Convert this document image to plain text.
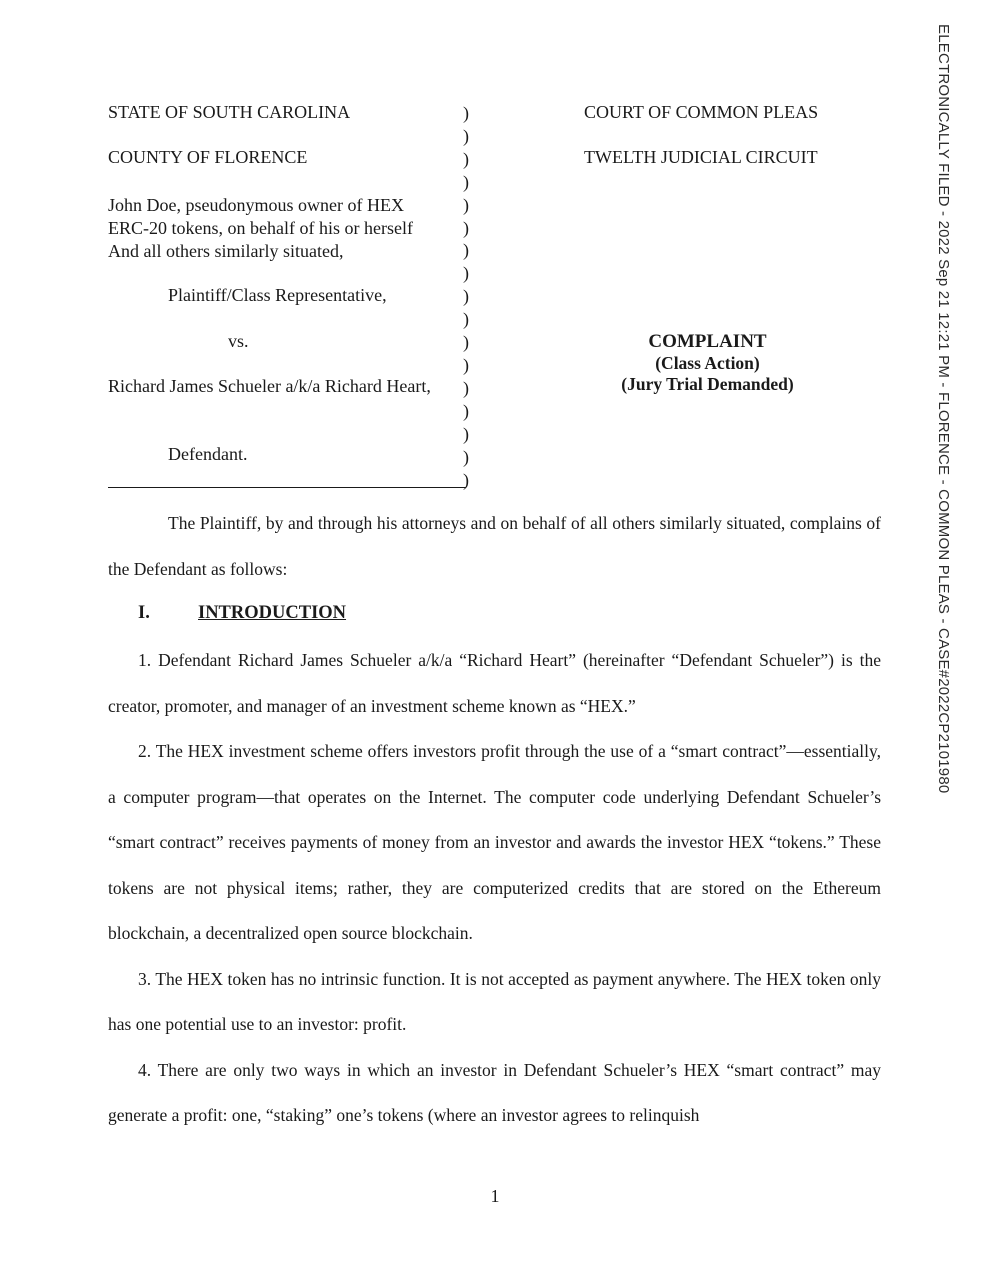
ELECTRONICALLY FILED - 2022 Sep 21 12:21 PM - FLORENCE - COMMON PLEAS - CASE#2022CP2101980
STATE OF SOUTH CAROLINA
COUNTY OF FLORENCE
John Doe, pseudonymous owner of HEX
ERC-20 tokens, on behalf of his or herself
And all others similarly situated,
Plaintiff/Class Representative,
vs.
Richard James Schueler a/k/a Richard Heart,
Defendant.
)
)
)
)
)
)
)
)
)
)
)
)
)
)
)
)
)
COURT OF COMMON PLEAS
TWELTH JUDICIAL CIRCUIT
COMPLAINT
(Class Action)
(Jury Trial Demanded)

The Plaintiff, by and through his attorneys and on behalf of all others similarly situated, complains of the Defendant as follows:

I.	INTRODUCTION

1. Defendant Richard James Schueler a/k/a “Richard Heart” (hereinafter “Defendant Schueler”) is the creator, promoter, and manager of an investment scheme known as “HEX.”

2. The HEX investment scheme offers investors profit through the use of a “smart contract”—essentially, a computer program—that operates on the Internet. The computer code underlying Defendant Schueler’s “smart contract” receives payments of money from an investor and awards the investor HEX “tokens.” These tokens are not physical items; rather, they are computerized credits that are stored on the Ethereum blockchain, a decentralized open source blockchain.

3. The HEX token has no intrinsic function. It is not accepted as payment anywhere. The HEX token only has one potential use to an investor: profit.

4. There are only two ways in which an investor in Defendant Schueler’s HEX “smart contract” may generate a profit: one, “staking” one’s tokens (where an investor agrees to relinquish

1
